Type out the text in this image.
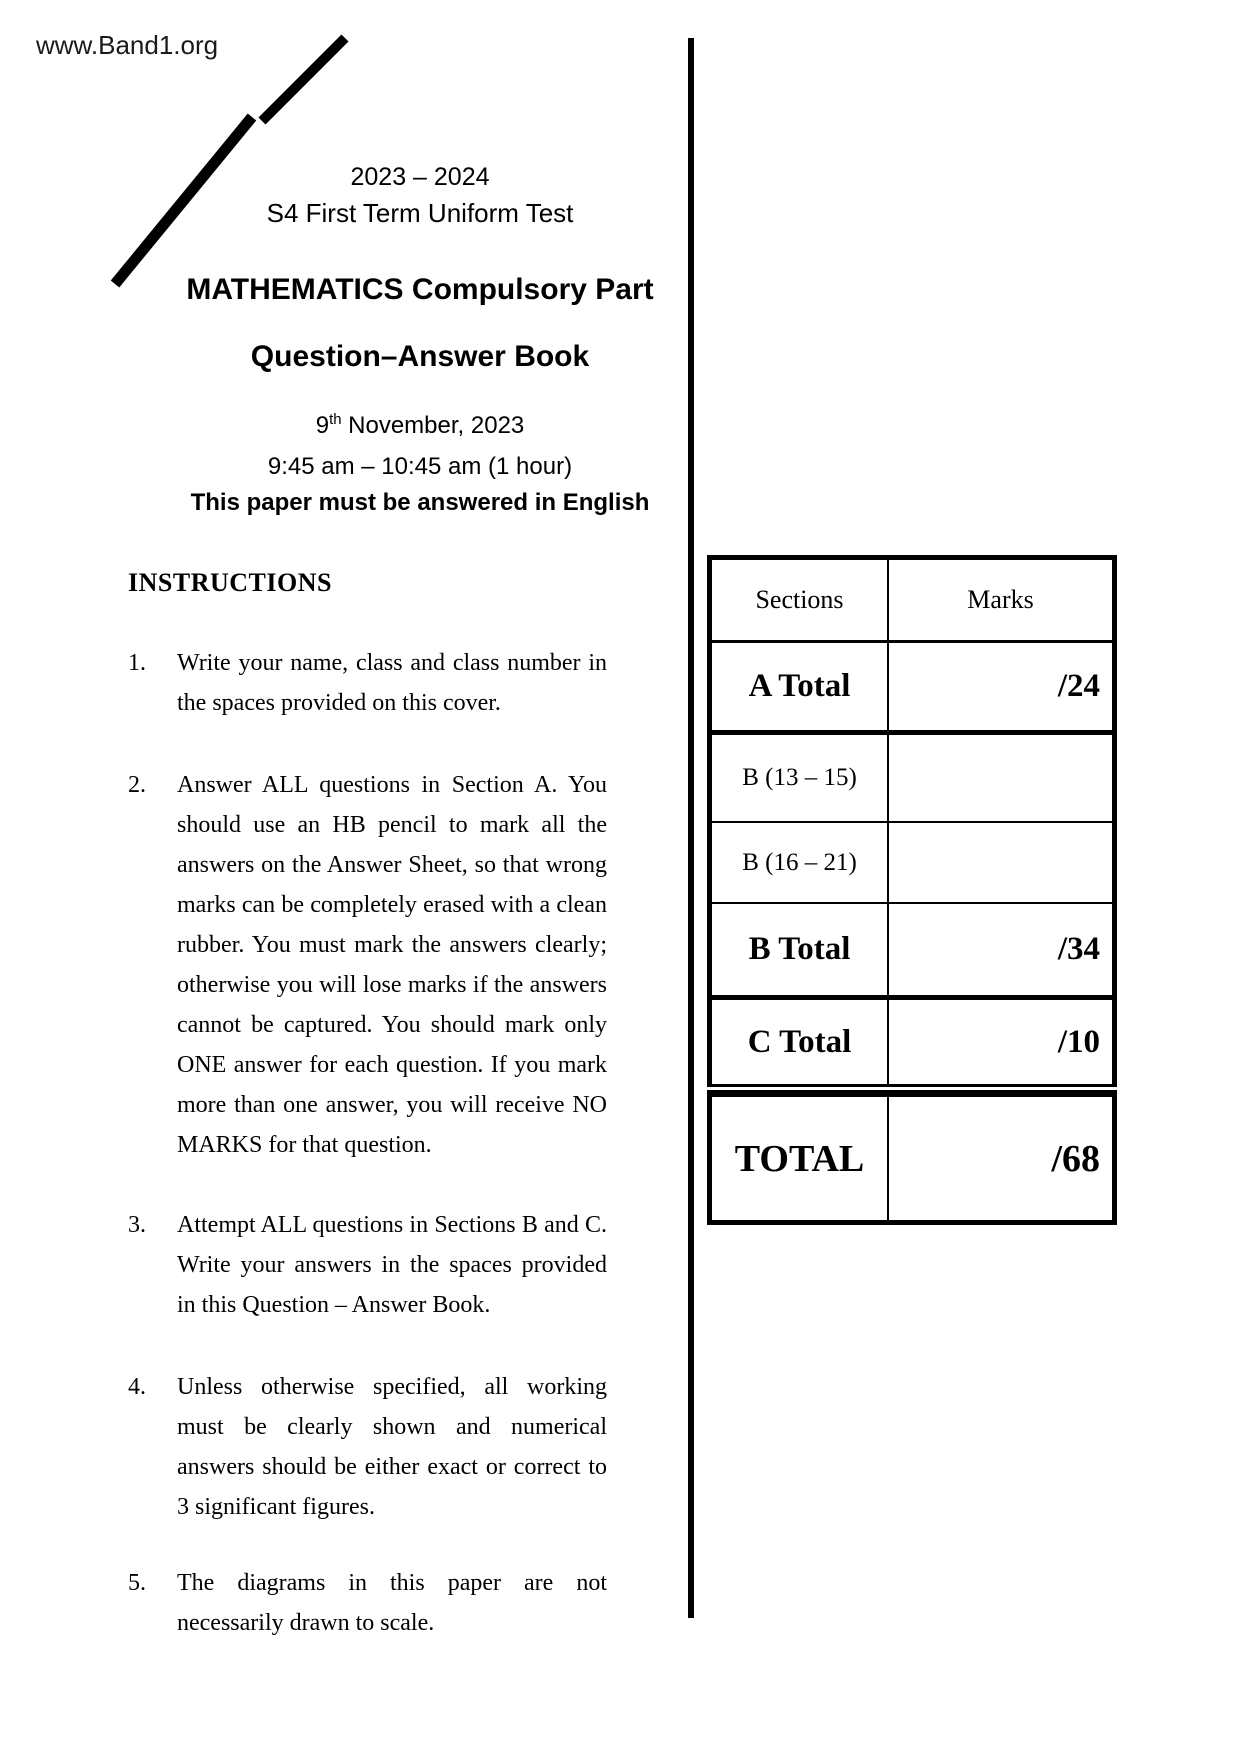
www.Band1.org
2023 – 2024
S4 First Term Uniform Test
MATHEMATICS Compulsory Part
Question–Answer Book
9th November, 2023
9:45 am – 10:45 am (1 hour)
This paper must be answered in English
INSTRUCTIONS
1. Write your name, class and class number in the spaces provided on this cover.
2. Answer ALL questions in Section A. You should use an HB pencil to mark all the answers on the Answer Sheet, so that wrong marks can be completely erased with a clean rubber. You must mark the answers clearly; otherwise you will lose marks if the answers cannot be captured. You should mark only ONE answer for each question. If you mark more than one answer, you will receive NO MARKS for that question.
3. Attempt ALL questions in Sections B and C. Write your answers in the spaces provided in this Question – Answer Book.
4. Unless otherwise specified, all working must be clearly shown and numerical answers should be either exact or correct to 3 significant figures.
5. The diagrams in this paper are not necessarily drawn to scale.
Sections	Marks
A Total	/24
B (13 – 15)
B (16 – 21)
B Total	/34
C Total	/10
TOTAL	/68
